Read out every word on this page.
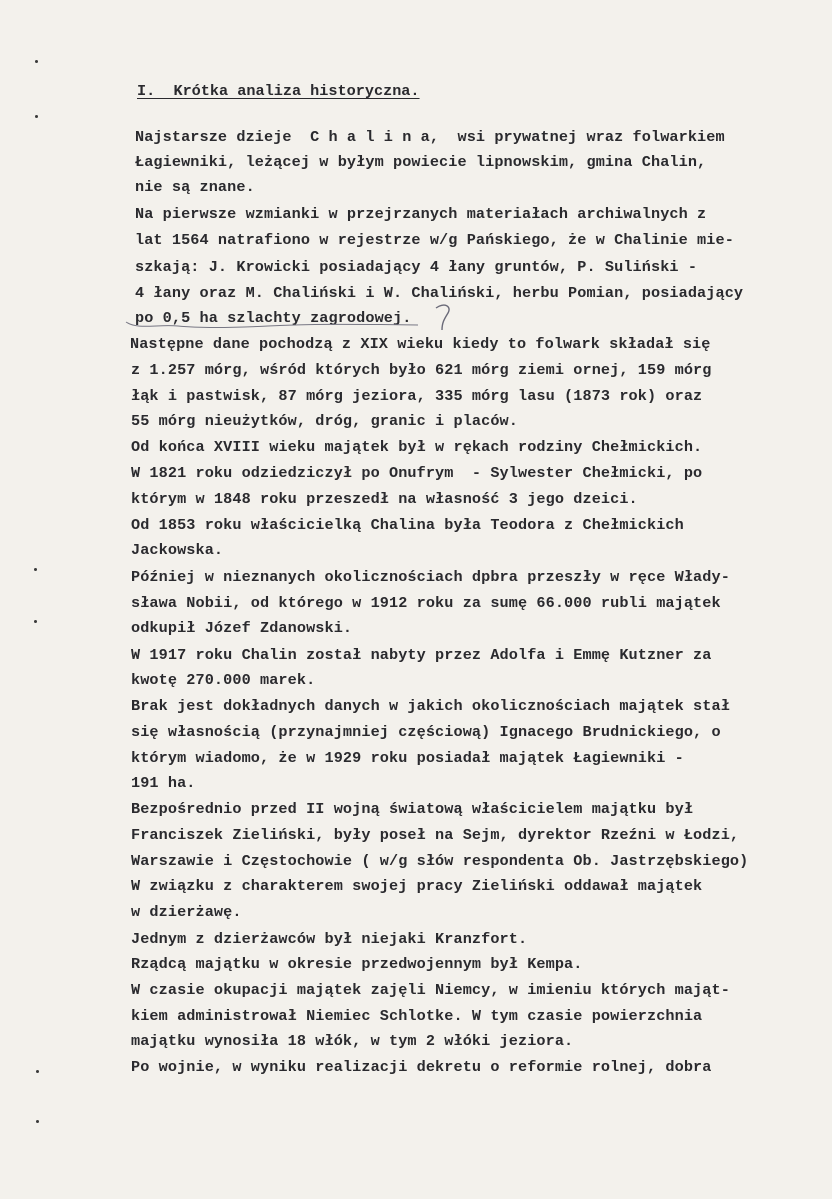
I.  Krótka analiza historyczna.

Najstarsze dzieje  C h a l i n a,  wsi prywatnej wraz folwarkiem

Łagiewniki, leżącej w byłym powiecie lipnowskim, gmina Chalin,

nie są znane.

Na pierwsze wzmianki w przejrzanych materiałach archiwalnych z

lat 1564 natrafiono w rejestrze w/g Pańskiego, że w Chalinie mie-

szkają: J. Krowicki posiadający 4 łany gruntów, P. Suliński -

4 łany oraz M. Chaliński i W. Chaliński, herbu Pomian, posiadający

po 0,5 ha szlachty zagrodowej.

Następne dane pochodzą z XIX wieku kiedy to folwark składał się

z 1.257 mórg, wśród których było 621 mórg ziemi ornej, 159 mórg

łąk i pastwisk, 87 mórg jeziora, 335 mórg lasu (1873 rok) oraz

55 mórg nieużytków, dróg, granic i placów.

Od końca XVIII wieku majątek był w rękach rodziny Chełmickich.

W 1821 roku odziedziczył po Onufrym  - Sylwester Chełmicki, po

którym w 1848 roku przeszedł na własność 3 jego dzeici.

Od 1853 roku właścicielką Chalina była Teodora z Chełmickich

Jackowska.

Później w nieznanych okolicznościach dpbra przeszły w ręce Włady-

sława Nobii, od którego w 1912 roku za sumę 66.000 rubli majątek

odkupił Józef Zdanowski.

W 1917 roku Chalin został nabyty przez Adolfa i Emmę Kutzner za

kwotę 270.000 marek.

Brak jest dokładnych danych w jakich okolicznościach majątek stał

się własnością (przynajmniej częściową) Ignacego Brudnickiego, o

którym wiadomo, że w 1929 roku posiadał majątek Łagiewniki -

191 ha.

Bezpośrednio przed II wojną światową właścicielem majątku był

Franciszek Zieliński, były poseł na Sejm, dyrektor Rzeźni w Łodzi,

Warszawie i Częstochowie ( w/g słów respondenta Ob. Jastrzębskiego)

W związku z charakterem swojej pracy Zieliński oddawał majątek

w dzierżawę.

Jednym z dzierżawców był niejaki Kranzfort.

Rządcą majątku w okresie przedwojennym był Kempa.

W czasie okupacji majątek zajęli Niemcy, w imieniu których mająt-

kiem administrował Niemiec Schlotke. W tym czasie powierzchnia

majątku wynosiła 18 włók, w tym 2 włóki jeziora.

Po wojnie, w wyniku realizacji dekretu o reformie rolnej, dobra
